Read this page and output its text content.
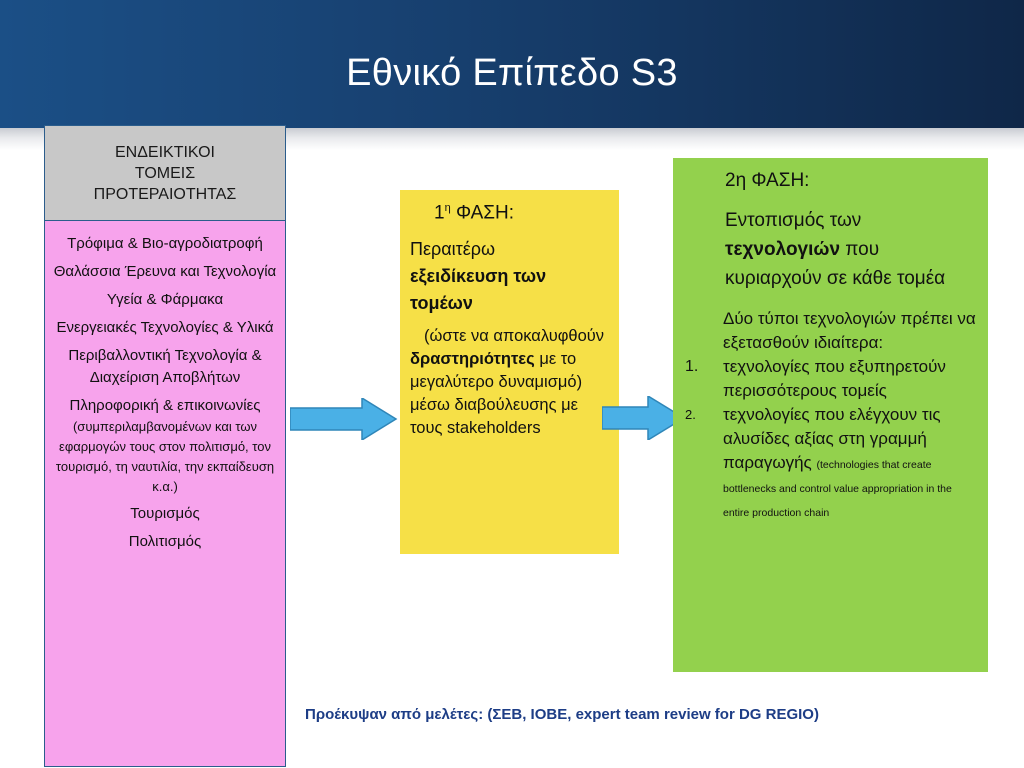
Εθνικό Επίπεδο S3
ΕΝΔΕΙΚΤΙΚΟΙ
ΤΟΜΕΙΣ
ΠΡΟΤΕΡΑΙΟΤΗΤΑΣ
Τρόφιμα & Βιο-αγροδιατροφή
Θαλάσσια Έρευνα και Τεχνολογία
Υγεία & Φάρμακα
Ενεργειακές Τεχνολογίες & Υλικά
Περιβαλλοντική Τεχνολογία & Διαχείριση Αποβλήτων
Πληροφορική & επικοινωνίες
(συμπεριλαμβανομένων και των εφαρμογών τους στον πολιτισμό, τον τουρισμό, τη ναυτιλία, την εκπαίδευση κ.α.)
Τουρισμός
Πολιτισμός
$1^\eta$ ΦΑΣΗ:
Περαιτέρω
εξειδίκευση των τομέων
(ώστε να αποκαλυφθούν
δραστηριότητες με το μεγαλύτερο δυναμισμό) μέσω διαβούλευσης με τους stakeholders
2η ΦΑΣΗ:
Εντοπισμός των τεχνολογιών που κυριαρχούν σε κάθε τομέα
Δύο τύποι τεχνολογιών πρέπει να εξετασθούν ιδιαίτερα:
1. τεχνολογίες που εξυπηρετούν περισσότερους τομείς
2. τεχνολογίες που ελέγχουν τις αλυσίδες αξίας στη γραμμή παραγωγής (technologies that create bottlenecks and control value appropriation in the entire production chain
Προέκυψαν από μελέτες: (ΣΕΒ, ΙΟΒΕ, expert team review for DG REGIO)
